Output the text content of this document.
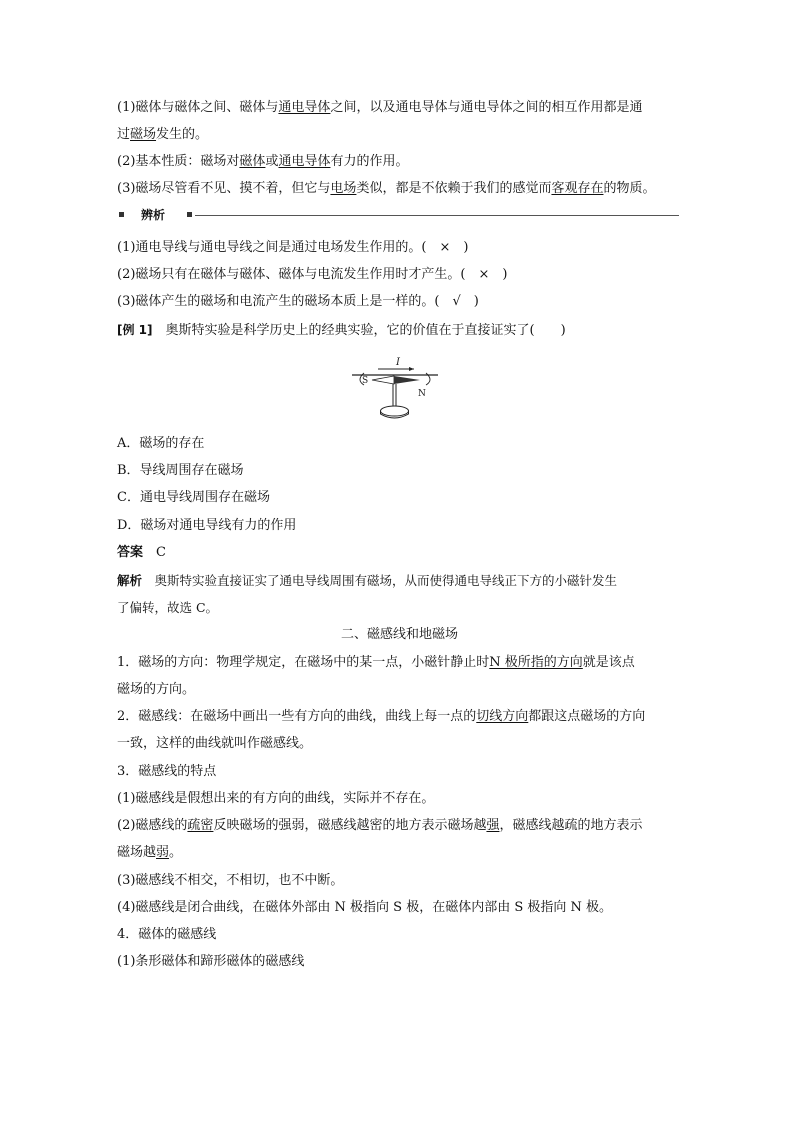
(1)磁体与磁体之间、磁体与通电导体之间，以及通电导体与通电导体之间的相互作用都是通
过磁场发生的。
(2)基本性质：磁场对磁体或通电导体有力的作用。
(3)磁场尽管看不见、摸不着，但它与电场类似，都是不依赖于我们的感觉而客观存在的物质。
辨析
(1)通电导线与通电导线之间是通过电场发生作用的。(　×　)
(2)磁场只有在磁体与磁体、磁体与电流发生作用时才产生。(　×　)
(3)磁体产生的磁场和电流产生的磁场本质上是一样的。(　√　)
[例 1]　奥斯特实验是科学历史上的经典实验，它的价值在于直接证实了(　　)
I
S
N
A．磁场的存在
B．导线周围存在磁场
C．通电导线周围存在磁场
D．磁场对通电导线有力的作用
答案　C
解析　奥斯特实验直接证实了通电导线周围有磁场，从而使得通电导线正下方的小磁针发生
了偏转，故选 C。
二、磁感线和地磁场
1．磁场的方向：物理学规定，在磁场中的某一点，小磁针静止时N 极所指的方向就是该点
磁场的方向。
2．磁感线：在磁场中画出一些有方向的曲线，曲线上每一点的切线方向都跟这点磁场的方向
一致，这样的曲线就叫作磁感线。
3．磁感线的特点
(1)磁感线是假想出来的有方向的曲线，实际并不存在。
(2)磁感线的疏密反映磁场的强弱，磁感线越密的地方表示磁场越强，磁感线越疏的地方表示
磁场越弱。
(3)磁感线不相交，不相切，也不中断。
(4)磁感线是闭合曲线，在磁体外部由 N 极指向 S 极，在磁体内部由 S 极指向 N 极。
4．磁体的磁感线
(1)条形磁体和蹄形磁体的磁感线
